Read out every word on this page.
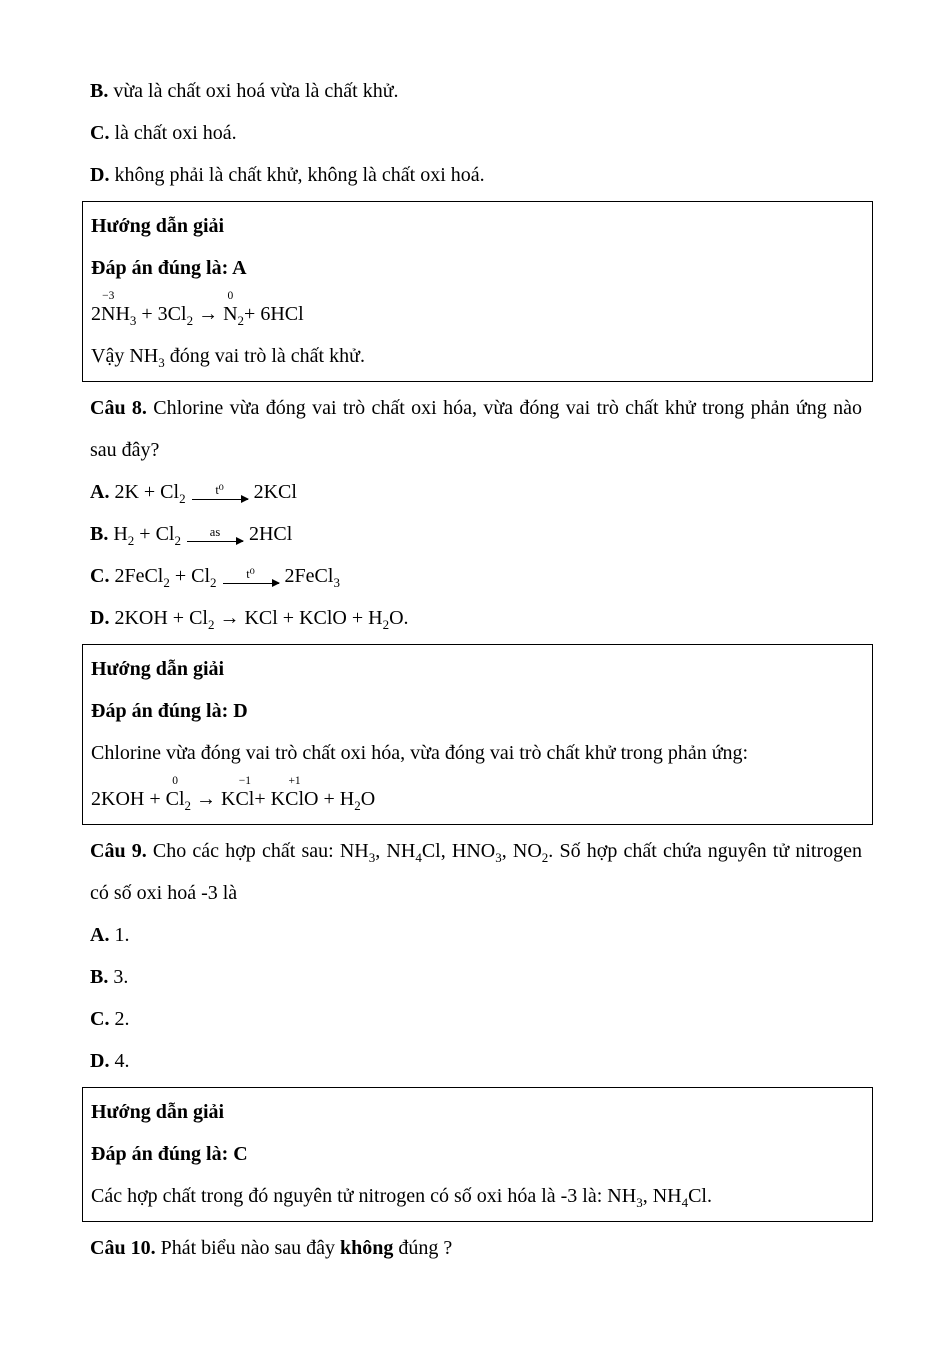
B. vừa là chất oxi hoá vừa là chất khử.

C. là chất oxi hoá.

D. không phải là chất khử, không là chất oxi hoá.

Hướng dẫn giải

Đáp án đúng là: A

2
−3
$NH_3 + 3Cl_2$ →
0
$N_2+ 6HCl$

Vậy $NH_3$ đóng vai trò là chất khử.

Câu 8. Chlorine vừa đóng vai trò chất oxi hóa, vừa đóng vai trò chất khử trong phản ứng nào sau đây?

A. $2K + Cl_2$
t⁰	2KCl

B. $H_2 + Cl_2$
as	2HCl

C. 2FeCl$_2$ + $Cl_2$
t⁰	2FeCl$_3$

D. $2KOH + Cl_2$ → KCl + KClO + $H_2O$.

Hướng dẫn giải

Đáp án đúng là: D

Chlorine vừa đóng vai trò chất oxi hóa, vừa đóng vai trò chất khử trong phản ứng:

2KOH +
0
$Cl_2 \to K$
−1
Cl+ K
+1
ClO + $H_2O$

Câu 9. Cho các hợp chất sau: $NH_3$, $NH_4Cl$, $HNO_3$, $NO_2$. Số hợp chất chứa nguyên tử nitrogen có số oxi hoá -3 là

A. 1.

B. 3.

C. 2.

D. 4.

Hướng dẫn giải

Đáp án đúng là: C

Các hợp chất trong đó nguyên tử nitrogen có số oxi hóa là -3 là: $NH_3$, $NH_4Cl$.

Câu 10. Phát biểu nào sau đây không đúng ?
